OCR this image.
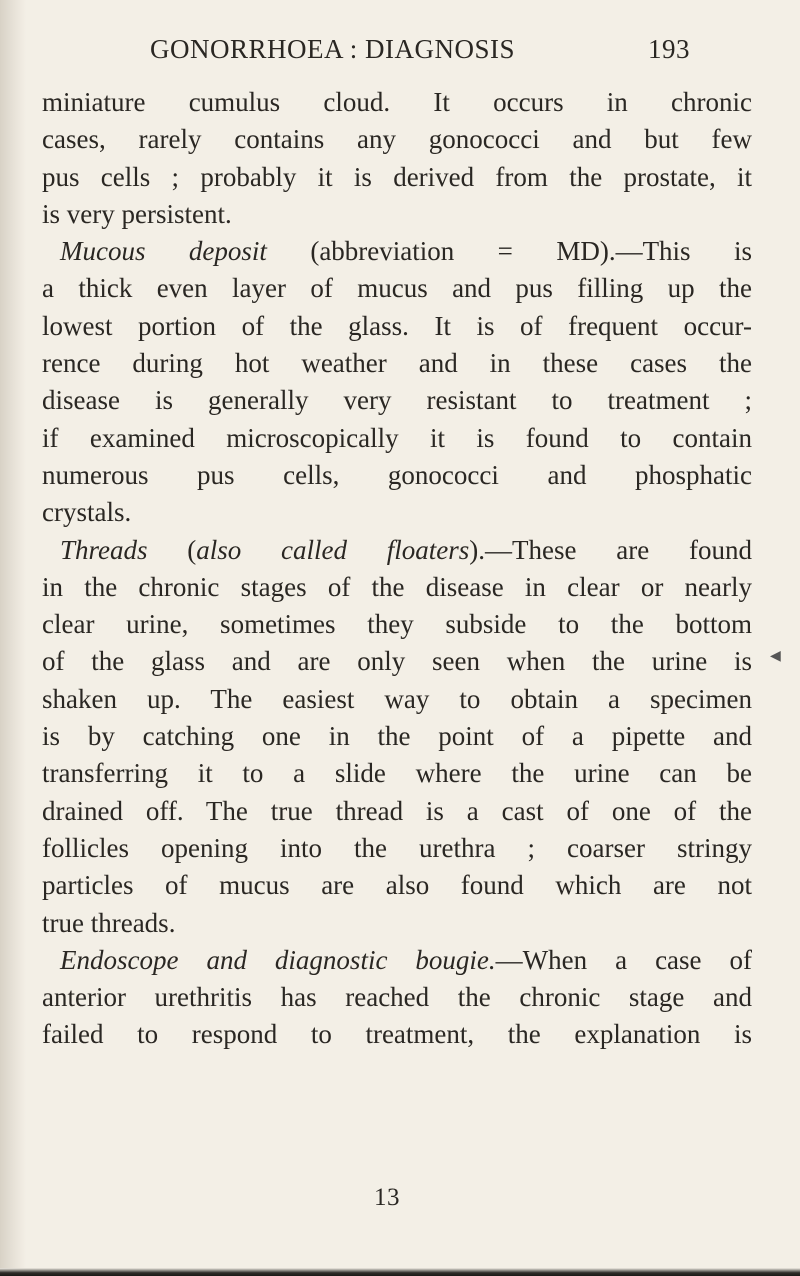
GONORRHOEA : DIAGNOSIS	193
miniature cumulus cloud. It occurs in chronic
cases, rarely contains any gonococci and but few
pus cells ; probably it is derived from the prostate, it
is very persistent.
Mucous deposit (abbreviation = MD).—This is
a thick even layer of mucus and pus filling up the
lowest portion of the glass. It is of frequent occur-
rence during hot weather and in these cases the
disease is generally very resistant to treatment ;
if examined microscopically it is found to contain
numerous pus cells, gonococci and phosphatic
crystals.
Threads (also called floaters).—These are found
in the chronic stages of the disease in clear or nearly
clear urine, sometimes they subside to the bottom
of the glass and are only seen when the urine is
shaken up. The easiest way to obtain a specimen
is by catching one in the point of a pipette and
transferring it to a slide where the urine can be
drained off. The true thread is a cast of one of the
follicles opening into the urethra ; coarser stringy
particles of mucus are also found which are not
true threads.
Endoscope and diagnostic bougie.—When a case of
anterior urethritis has reached the chronic stage and
failed to respond to treatment, the explanation is
◀
13
